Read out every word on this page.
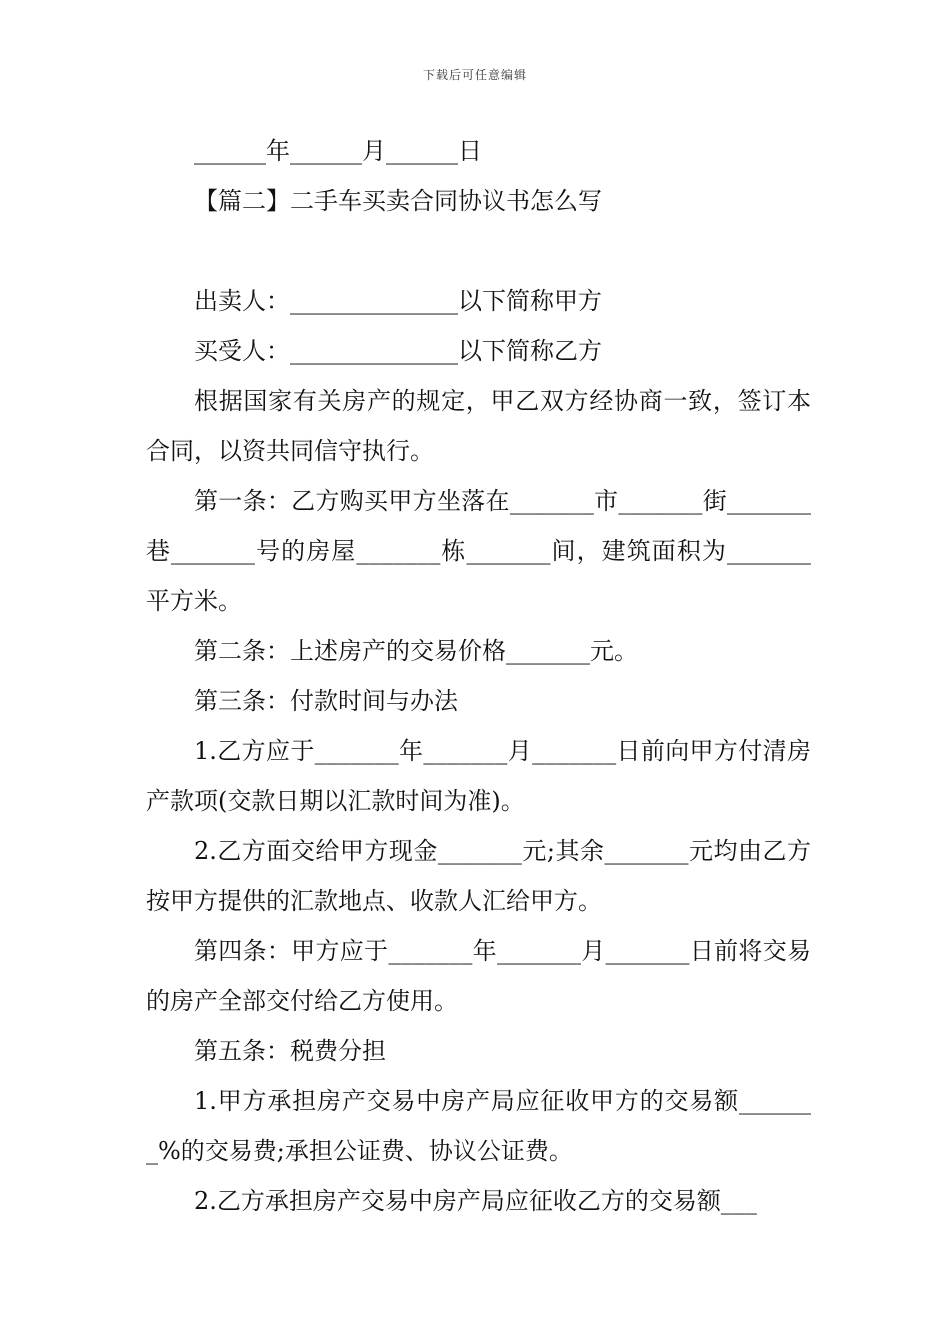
下载后可任意编辑

______年______月______日

【篇二】二手车买卖合同协议书怎么写

出卖人：______________以下简称甲方

买受人：______________以下简称乙方

根据国家有关房产的规定，甲乙双方经协商一致，签订本合同，以资共同信守执行。

第一条：乙方购买甲方坐落在_______市_______街_______巷_______号的房屋_______栋_______间，建筑面积为_______平方米。

第二条：上述房产的交易价格_______元。

第三条：付款时间与办法

1.乙方应于_______年_______月_______日前向甲方付清房产款项(交款日期以汇款时间为准)。

2.乙方面交给甲方现金_______元;其余_______元均由乙方按甲方提供的汇款地点、收款人汇给甲方。

第四条：甲方应于_______年_______月_______日前将交易的房产全部交付给乙方使用。

第五条：税费分担

1.甲方承担房产交易中房产局应征收甲方的交易额_______%的交易费;承担公证费、协议公证费。

2.乙方承担房产交易中房产局应征收乙方的交易额___
